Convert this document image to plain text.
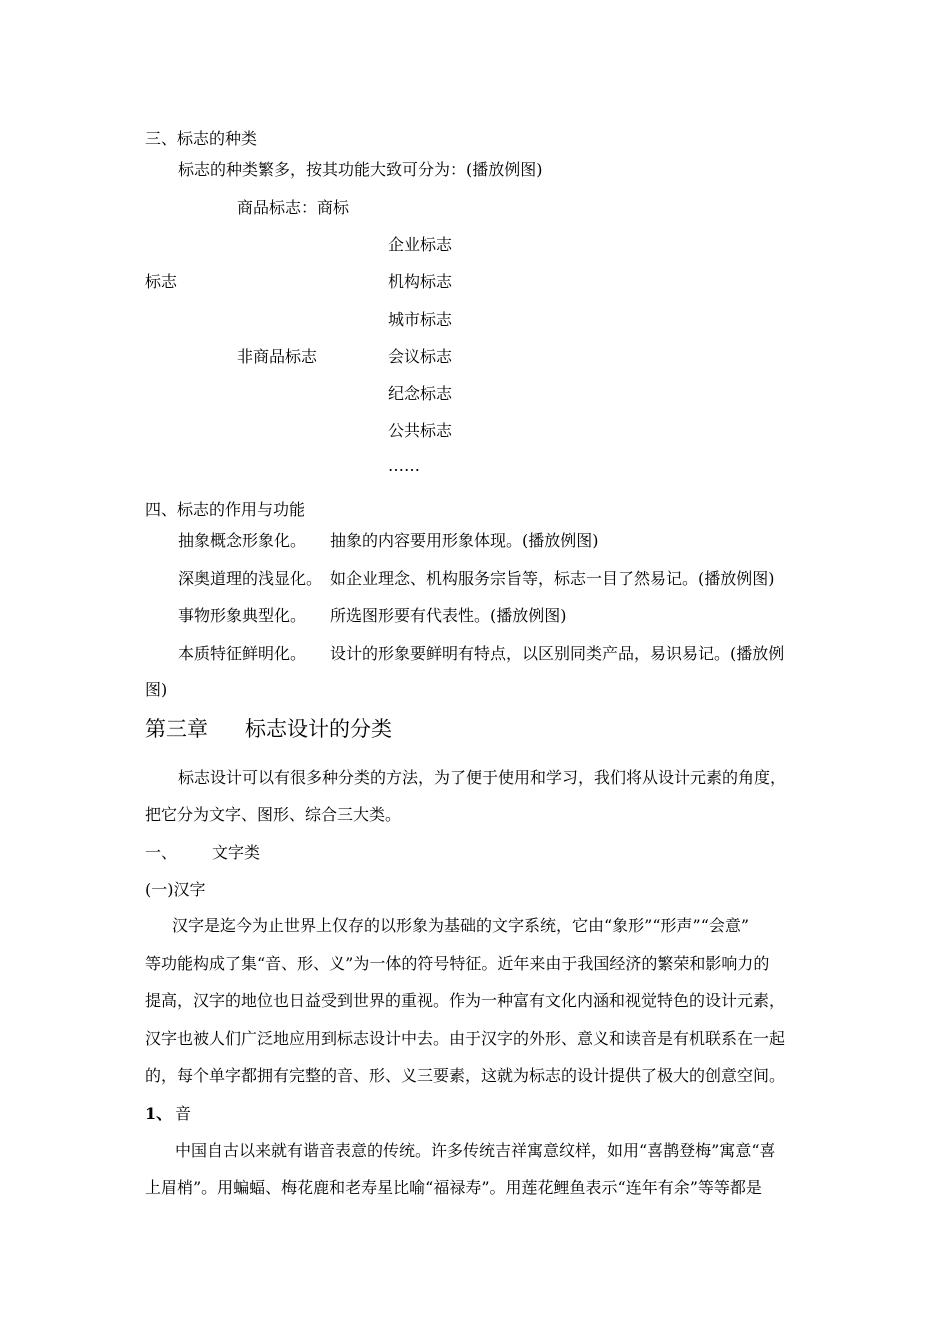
三、标志的种类
标志的种类繁多，按其功能大致可分为：(播放例图)
商品标志：商标
企业标志
标志	机构标志
城市标志
非商品标志	会议标志
纪念标志
公共标志
……
四、标志的作用与功能
抽象概念形象化。 抽象的内容要用形象体现。(播放例图)
深奥道理的浅显化。 如企业理念、机构服务宗旨等，标志一目了然易记。(播放例图)
事物形象典型化。 所选图形要有代表性。(播放例图)
本质特征鲜明化。 设计的形象要鲜明有特点，以区别同类产品，易识易记。(播放例
图)
第三章 标志设计的分类
标志设计可以有很多种分类的方法，为了便于使用和学习，我们将从设计元素的角度，
把它分为文字、图形、综合三大类。
一、 文字类
(一)汉字
汉字是迄今为止世界上仅存的以形象为基础的文字系统，它由“象形”“形声”“会意”
等功能构成了集“音、形、义”为一体的符号特征。近年来由于我国经济的繁荣和影响力的
提高，汉字的地位也日益受到世界的重视。作为一种富有文化内涵和视觉特色的设计元素，
汉字也被人们广泛地应用到标志设计中去。由于汉字的外形、意义和读音是有机联系在一起
的，每个单字都拥有完整的音、形、义三要素，这就为标志的设计提供了极大的创意空间。
1、 音
中国自古以来就有谐音表意的传统。许多传统吉祥寓意纹样，如用“喜鹊登梅”寓意“喜
上眉梢”。用蝙蝠、梅花鹿和老寿星比喻“福禄寿”。用莲花鲤鱼表示“连年有余”等等都是
